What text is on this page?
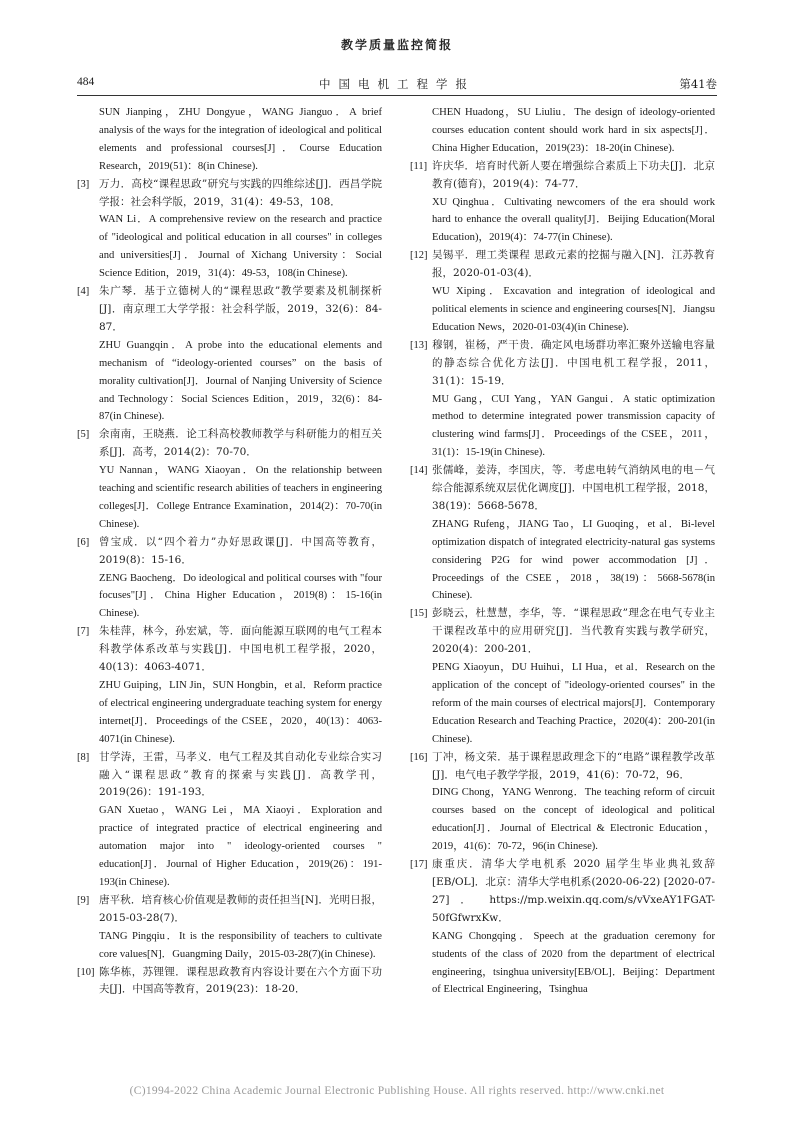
教学质量监控简报
484	中国电机工程学报	第41卷

SUN Jianping，ZHU Dongyue，WANG Jianguo．A brief analysis of the ways for the integration of ideological and political elements and professional courses[J]．Course Education Research，2019(51)：8(in Chinese).

[3] 万力．高校“课程思政”研究与实践的四维综述[J]．西昌学院学报：社会科学版，2019，31(4)：49-53，108．

WAN Li．A comprehensive review on the research and practice of "ideological and political education in all courses" in colleges and universities[J]．Journal of Xichang University：Social Science Edition，2019，31(4)：49-53，108(in Chinese).

[4] 朱广琴．基于立德树人的“课程思政”教学要素及机制探析[J]．南京理工大学学报：社会科学版，2019，32(6)：84-87．

ZHU Guangqin．A probe into the educational elements and mechanism of “ideology-oriented courses” on the basis of morality cultivation[J]．Journal of Nanjing University of Science and Technology：Social Sciences Edition，2019，32(6)：84-87(in Chinese).

[5] 余南南，王晓燕．论工科高校教师教学与科研能力的相互关系[J]．高考，2014(2)：70-70．

YU Nannan，WANG Xiaoyan．On the relationship between teaching and scientific research abilities of teachers in engineering colleges[J]．College Entrance Examination，2014(2)：70-70(in Chinese).

[6] 曾宝成．以“四个着力”办好思政课[J]．中国高等教育，2019(8)：15-16．

ZENG Baocheng．Do ideological and political courses with "four focuses"[J]．China Higher Education，2019(8)：15-16(in Chinese).

[7] 朱桂萍，林今，孙宏斌，等．面向能源互联网的电气工程本科教学体系改革与实践[J]．中国电机工程学报，2020，40(13)：4063-4071．

ZHU Guiping，LIN Jin，SUN Hongbin，et al．Reform practice of electrical engineering undergraduate teaching system for energy internet[J]．Proceedings of the CSEE，2020，40(13)：4063-4071(in Chinese).

[8] 甘学涛，王雷，马孝义．电气工程及其自动化专业综合实习融入“课程思政”教育的探索与实践[J]．高教学刊，2019(26)：191-193．

GAN Xuetao，WANG Lei，MA Xiaoyi．Exploration and practice of integrated practice of electrical engineering and automation major into " ideology-oriented courses " education[J]．Journal of Higher Education，2019(26)：191-193(in Chinese).

[9] 唐平秋．培育核心价值观是教师的责任担当[N]．光明日报，2015-03-28(7)．

TANG Pingqiu．It is the responsibility of teachers to cultivate core values[N]．Guangming Daily，2015-03-28(7)(in Chinese).

[10] 陈华栋，苏锂锂．课程思政教育内容设计要在六个方面下功夫[J]．中国高等教育，2019(23)：18-20．

CHEN Huadong，SU Liuliu．The design of ideology-oriented courses education content should work hard in six aspects[J]．China Higher Education，2019(23)：18-20(in Chinese).

[11] 许庆华．培育时代新人要在增强综合素质上下功夫[J]．北京教育(德育)，2019(4)：74-77．

XU Qinghua．Cultivating newcomers of the era should work hard to enhance the overall quality[J]．Beijing Education(Moral Education)，2019(4)：74-77(in Chinese).

[12] 吴锡平．理工类课程 思政元素的挖掘与融入[N]．江苏教育报，2020-01-03(4)．

WU Xiping．Excavation and integration of ideological and political elements in science and engineering courses[N]．Jiangsu Education News，2020-01-03(4)(in Chinese).

[13] 穆钢，崔杨，严干贵．确定风电场群功率汇聚外送输电容量的静态综合优化方法[J]．中国电机工程学报，2011，31(1)：15-19．

MU Gang，CUI Yang，YAN Gangui．A static optimization method to determine integrated power transmission capacity of clustering wind farms[J]．Proceedings of the CSEE，2011，31(1)：15-19(in Chinese).

[14] 张儒峰，姜涛，李国庆，等．考虑电转气消纳风电的电－气综合能源系统双层优化调度[J]．中国电机工程学报，2018，38(19)：5668-5678．

ZHANG Rufeng，JIANG Tao，LI Guoqing，et al．Bi-level optimization dispatch of integrated electricity-natural gas systems considering P2G for wind power accommodation [J]．Proceedings of the CSEE，2018，38(19)：5668-5678(in Chinese).

[15] 彭晓云，杜慧慧，李华，等．“课程思政”理念在电气专业主干课程改革中的应用研究[J]．当代教育实践与教学研究，2020(4)：200-201．

PENG Xiaoyun，DU Huihui，LI Hua，et al．Research on the application of the concept of "ideology-oriented courses" in the reform of the main courses of electrical majors[J]．Contemporary Education Research and Teaching Practice，2020(4)：200-201(in Chinese).

[16] 丁冲，杨文荣．基于课程思政理念下的“电路”课程教学改革[J]．电气电子教学学报，2019，41(6)：70-72，96．

DING Chong，YANG Wenrong．The teaching reform of circuit courses based on the concept of ideological and political education[J]．Journal of Electrical & Electronic Education，2019，41(6)：70-72，96(in Chinese).

[17] 康重庆．清华大学电机系 2020 届学生毕业典礼致辞[EB/OL]．北京：清华大学电机系(2020-06-22) [2020-07-27] ． https://mp.weixin.qq.com/s/vVxeAY1FGAT-50fGfwrxKw．

KANG Chongqing．Speech at the graduation ceremony for students of the class of 2020 from the department of electrical engineering，tsinghua university[EB/OL]．Beijing：Department of Electrical Engineering，Tsinghua

(C)1994-2022 China Academic Journal Electronic Publishing House. All rights reserved. http://www.cnki.net
